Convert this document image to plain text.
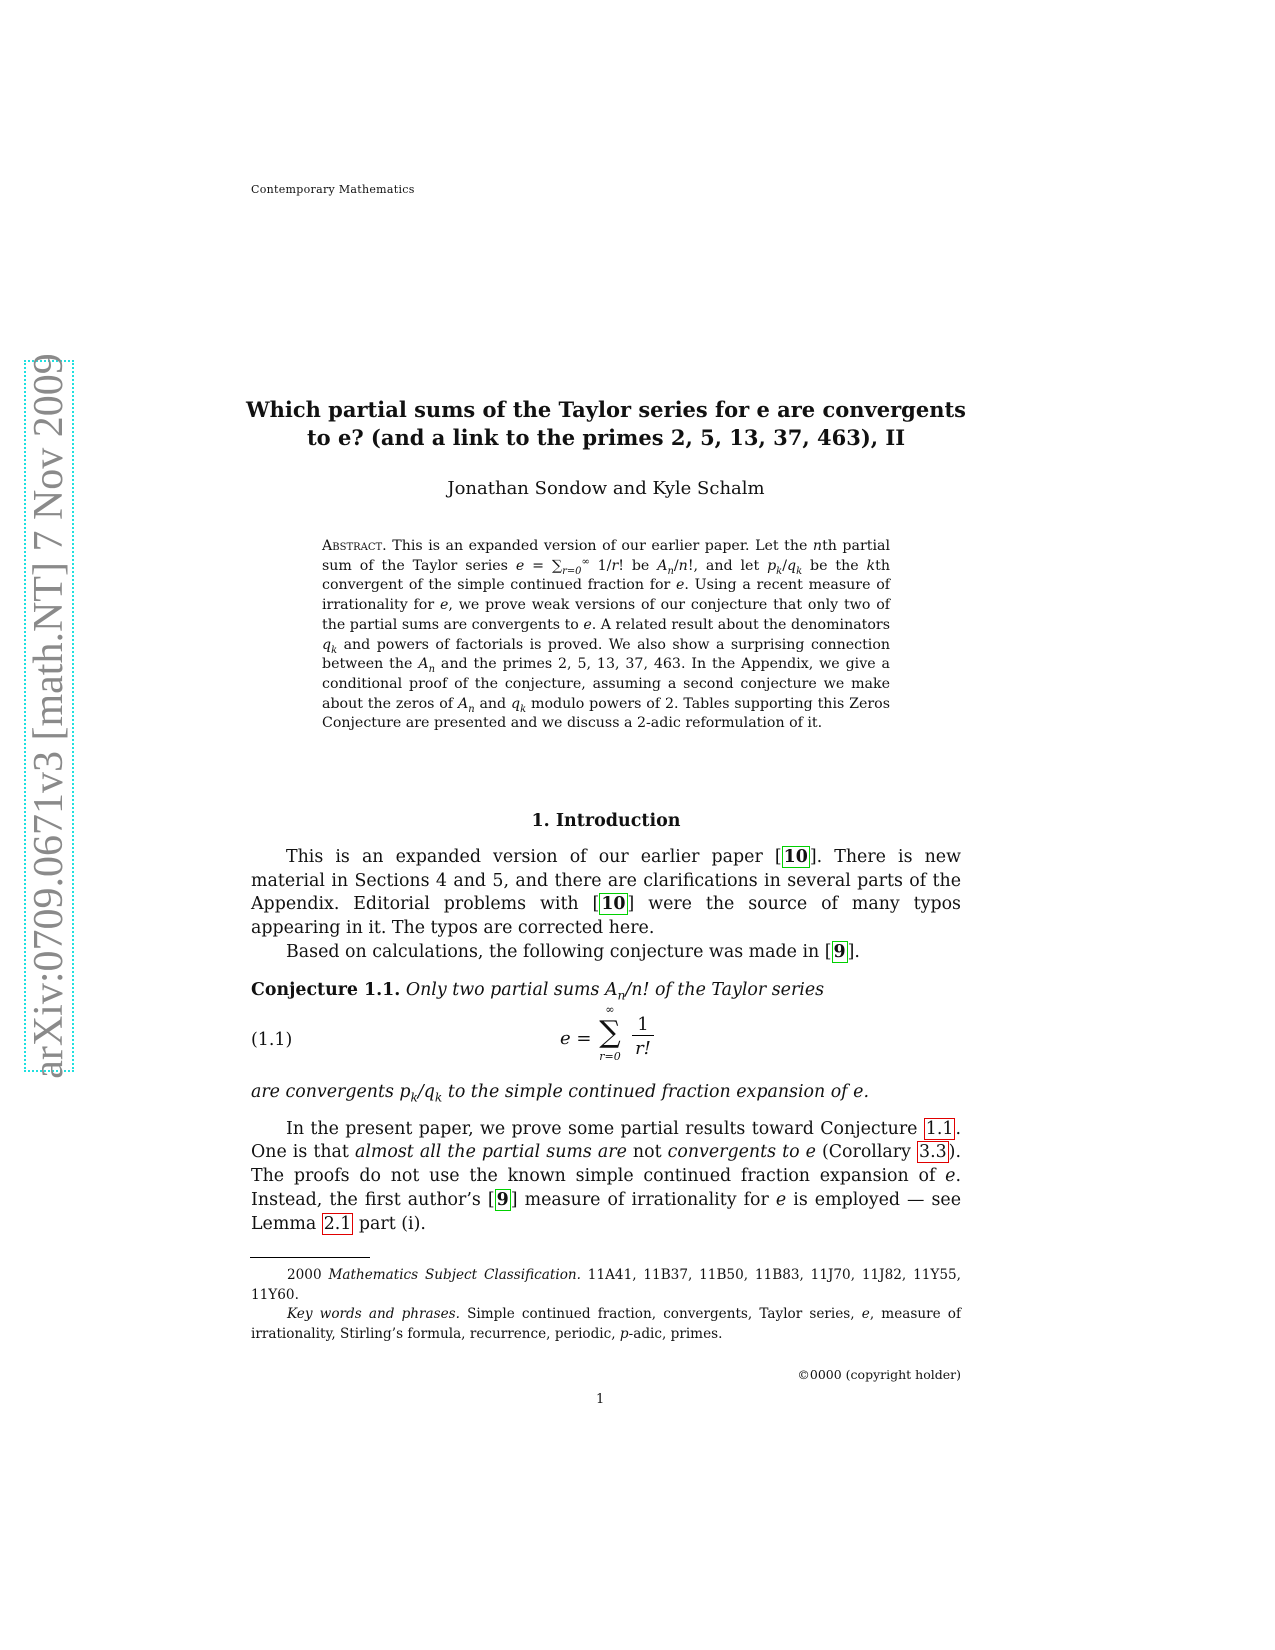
Contemporary Mathematics
arXiv:0709.0671v3 [math.NT] 7 Nov 2009	Which partial sums of the Taylor series for e are convergents
to e? (and a link to the primes 2, 5, 13, 37, 463), II
Jonathan Sondow and Kyle Schalm
Abstract. This is an expanded version of our earlier paper. Let the nth partial sum of the Taylor series $e = \sum_{r=0}^\infty$ 1/r! be $A_n/n$!, and let $p_k/q_k$ be the kth convergent of the simple continued fraction for e. Using a recent measure of irrationality for e, we prove weak versions of our conjecture that only two of the partial sums are convergents to e. A related result about the denominators $q_k$ and powers of factorials is proved. We also show a surprising connection between the $A_n$ and the primes 2, 5, 13, 37, 463. In the Appendix, we give a conditional proof of the conjecture, assuming a second conjecture we make about the zeros of $A_n$ and $q_k$ modulo powers of 2. Tables supporting this Zeros Conjecture are presented and we discuss a 2-adic reformulation of it.
1. Introduction

This is an expanded version of our earlier paper [ 10 ]. There is new material in Sections 4 and 5, and there are clarifications in several parts of the Appendix. Editorial problems with [ 10 ] were the source of many typos appearing in it. The typos are corrected here.

Based on calculations, the following conjecture was made in [ 9 ].

Conjecture 1.1. Only two partial sums $A_n/n$! of the Taylor series

(1.1)	e =
∞
∑
r=0
1
r!

are convergents $p_k/q_k$ to the simple continued fraction expansion of e.

In the present paper, we prove some partial results toward Conjecture 1.1 . One is that almost all the partial sums are not convergents to e (Corollary 3.3 ). The proofs do not use the known simple continued fraction expansion of e. Instead, the first author’s [ 9 ] measure of irrationality for e is employed — see Lemma 2.1 part (i).

2000 Mathematics Subject Classification. 11A41, 11B37, 11B50, 11B83, 11J70, 11J82, 11Y55, 11Y60.

Key words and phrases. Simple continued fraction, convergents, Taylor series, e, measure of irrationality, Stirling’s formula, recurrence, periodic, p-adic, primes.

©0000 (copyright holder)
1
